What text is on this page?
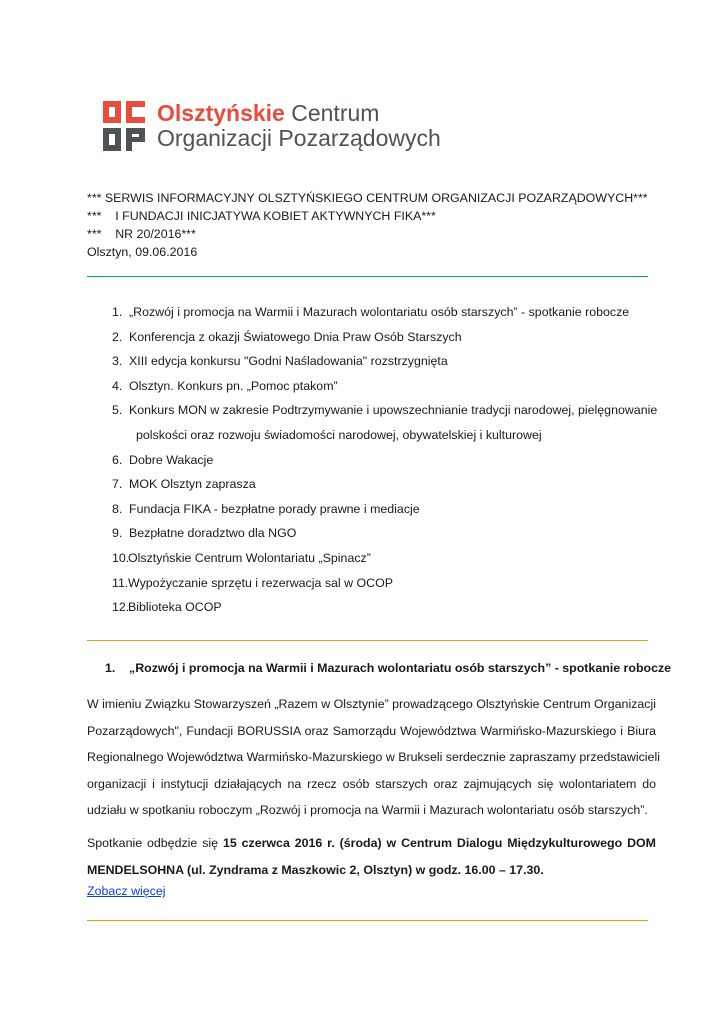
Olsztyńskie Centrum
Organizacji Pozarządowych
*** SERWIS INFORMACYJNY OLSZTYŃSKIEGO CENTRUM ORGANIZACJI POZARZĄDOWYCH***
***    I FUNDACJI INICJATYWA KOBIET AKTYWNYCH FIKA***
***    NR 20/2016***
Olsztyn, 09.06.2016
1. „Rozwój i promocja na Warmii i Mazurach wolontariatu osób starszych” - spotkanie robocze
2. Konferencja z okazji Światowego Dnia Praw Osób Starszych
3. XIII edycja konkursu "Godni Naśladowania" rozstrzygnięta
4. Olsztyn. Konkurs pn. „Pomoc ptakom”
5. Konkurs MON w zakresie Podtrzymywanie i upowszechnianie tradycji narodowej, pielęgnowanie
polskości oraz rozwoju świadomości narodowej, obywatelskiej i kulturowej
6. Dobre Wakacje
7. MOK Olsztyn zaprasza
8. Fundacja FIKA - bezpłatne porady prawne i mediacje
9. Bezpłatne doradztwo dla NGO
10.Olsztyńskie Centrum Wolontariatu „Spinacz”
11.Wypożyczanie sprzętu i rezerwacja sal w OCOP
12.Biblioteka OCOP
1. „Rozwój i promocja na Warmii i Mazurach wolontariatu osób starszych” - spotkanie robocze
W imieniu Związku Stowarzyszeń „Razem w Olsztynie” prowadzącego Olsztyńskie Centrum Organizacji
Pozarządowych", Fundacji BORUSSIA oraz Samorządu Województwa Warmińsko-Mazurskiego i Biura
Regionalnego Województwa Warmińsko-Mazurskiego w Brukseli serdecznie zapraszamy przedstawicieli
organizacji i instytucji działających na rzecz osób starszych oraz zajmujących się wolontariatem do
udziału w spotkaniu roboczym „Rozwój i promocja na Warmii i Mazurach wolontariatu osób starszych”.
Spotkanie odbędzie się 15 czerwca 2016 r. (środa) w Centrum Dialogu Międzykulturowego DOM
MENDELSOHNA (ul. Zyndrama z Maszkowic 2, Olsztyn) w godz. 16.00 – 17.30.
Zobacz więcej
